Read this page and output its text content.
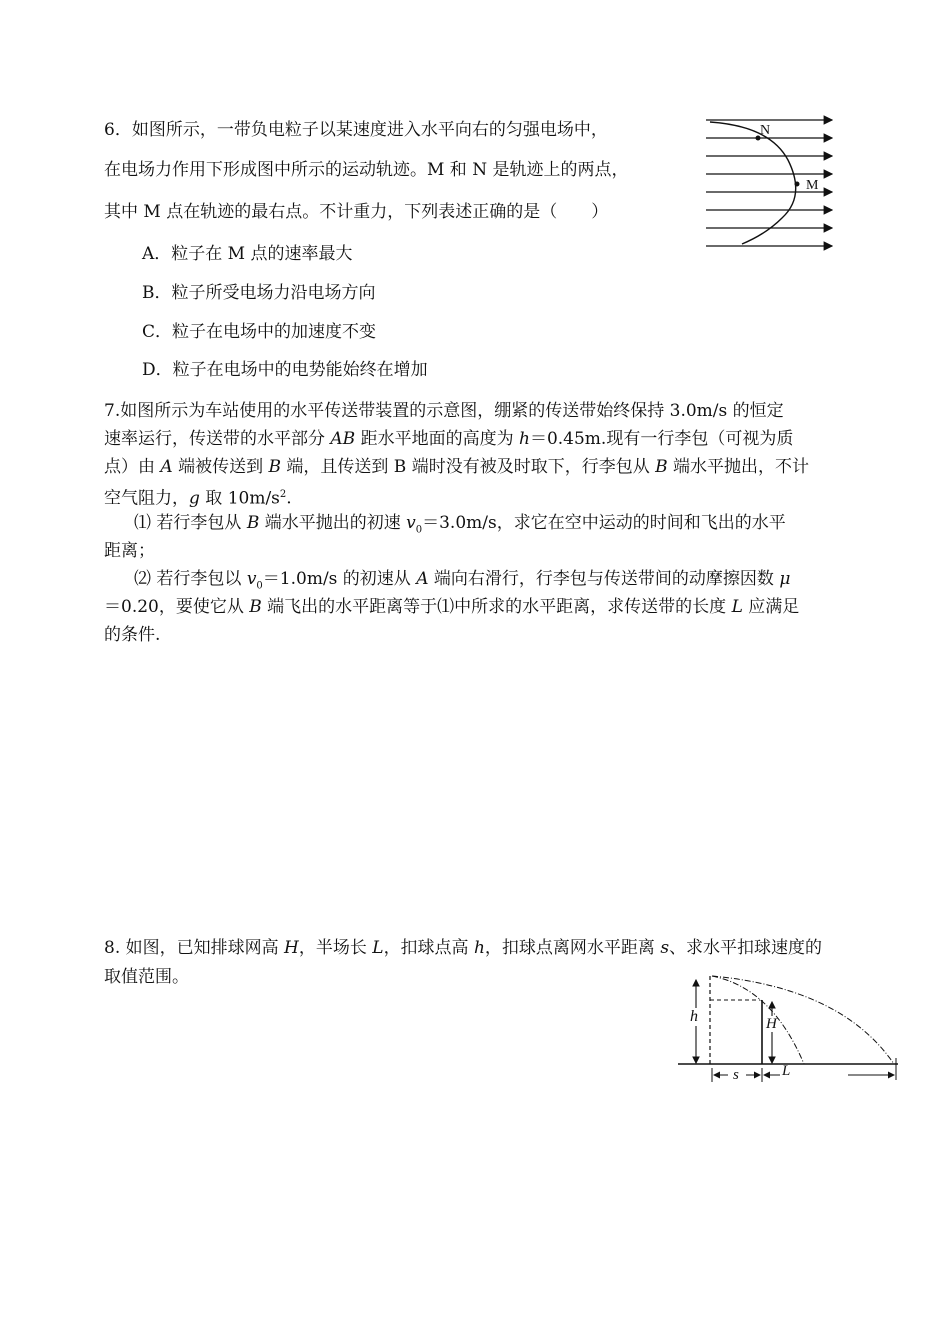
6．如图所示，一带负电粒子以某速度进入水平向右的匀强电场中，
在电场力作用下形成图中所示的运动轨迹。M 和 N 是轨迹上的两点，
其中 M 点在轨迹的最右点。不计重力，下列表述正确的是（　　）
A．粒子在 M 点的速率最大
B．粒子所受电场力沿电场方向
C．粒子在电场中的加速度不变
D．粒子在电场中的电势能始终在增加
N
M
7.如图所示为车站使用的水平传送带装置的示意图，绷紧的传送带始终保持 3.0m/s 的恒定
速率运行，传送带的水平部分 AB 距水平地面的高度为 h＝0.45m.现有一行李包（可视为质
点）由 A 端被传送到 B 端，且传送到 B 端时没有被及时取下，行李包从 B 端水平抛出，不计
空气阻力，g 取 $10m/s^2$.
⑴ 若行李包从 B 端水平抛出的初速 $v_0=3.0m/s$，求它在空中运动的时间和飞出的水平
距离；
⑵ 若行李包以 $v_0=1.0m/s$ 的初速从 A 端向右滑行，行李包与传送带间的动摩擦因数 μ
＝0.20，要使它从 B 端飞出的水平距离等于⑴中所求的水平距离，求传送带的长度 L 应满足
的条件.
8. 如图，已知排球网高 H，半场长 L，扣球点高 h，扣球点离网水平距离 s、求水平扣球速度的
取值范围。
h	H
s	L
